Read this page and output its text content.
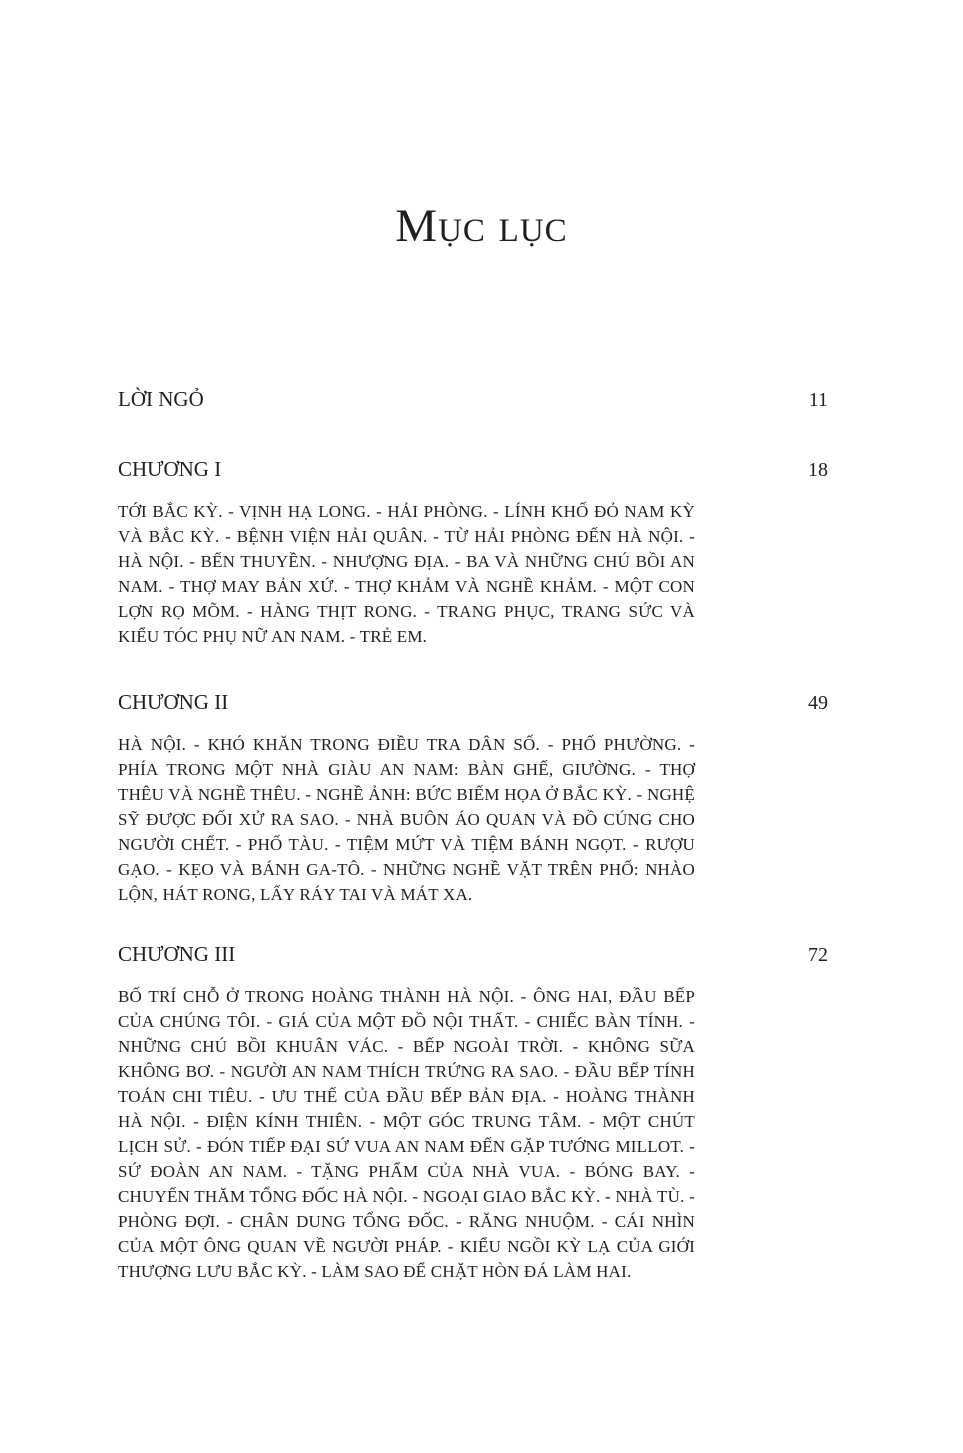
Mục lục
LỜI NGỎ	11
CHƯƠNG I	18
TỚI BẮC KỲ. - VỊNH HẠ LONG. - HẢI PHÒNG. - LÍNH KHỐ ĐỎ NAM KỲ VÀ BẮC KỲ. - BỆNH VIỆN HẢI QUÂN. - TỪ HẢI PHÒNG ĐẾN HÀ NỘI. - HÀ NỘI. - BẾN THUYỀN. - NHƯỢNG ĐỊA. - BA VÀ NHỮNG CHÚ BỒI AN NAM. - THỢ MAY BẢN XỨ. - THỢ KHẢM VÀ NGHỀ KHẢM. - MỘT CON LỢN RỌ MÕM. - HÀNG THỊT RONG. - TRANG PHỤC, TRANG SỨC VÀ KIỂU TÓC PHỤ NỮ AN NAM. - TRẺ EM.
CHƯƠNG II	49
HÀ NỘI. - KHÓ KHĂN TRONG ĐIỀU TRA DÂN SỐ. - PHỐ PHƯỜNG. - PHÍA TRONG MỘT NHÀ GIÀU AN NAM: BÀN GHẾ, GIƯỜNG. - THỢ THÊU VÀ NGHỀ THÊU. - NGHỀ ẢNH: BỨC BIẾM HỌA Ở BẮC KỲ. - NGHỆ SỸ ĐƯỢC ĐỐI XỬ RA SAO. - NHÀ BUÔN ÁO QUAN VÀ ĐỒ CÚNG CHO NGƯỜI CHẾT. - PHỐ TÀU. - TIỆM MỨT VÀ TIỆM BÁNH NGỌT. - RƯỢU GẠO. - KẸO VÀ BÁNH GA-TÔ. - NHỮNG NGHỀ VẶT TRÊN PHỐ: NHÀO LỘN, HÁT RONG, LẤY RÁY TAI VÀ MÁT XA.
CHƯƠNG III	72
BỐ TRÍ CHỖ Ở TRONG HOÀNG THÀNH HÀ NỘI. - ÔNG HAI, ĐẦU BẾP CỦA CHÚNG TÔI. - GIÁ CỦA MỘT ĐỒ NỘI THẤT. - CHIẾC BÀN TÍNH. - NHỮNG CHÚ BỒI KHUÂN VÁC. - BẾP NGOÀI TRỜI. - KHÔNG SỮA KHÔNG BƠ. - NGƯỜI AN NAM THÍCH TRỨNG RA SAO. - ĐẦU BẾP TÍNH TOÁN CHI TIÊU. - ƯU THẾ CỦA ĐẦU BẾP BẢN ĐỊA. - HOÀNG THÀNH HÀ NỘI. - ĐIỆN KÍNH THIÊN. - MỘT GÓC TRUNG TÂM. - MỘT CHÚT LỊCH SỬ. - ĐÓN TIẾP ĐẠI SỨ VUA AN NAM ĐẾN GẶP TƯỚNG MILLOT. - SỨ ĐOÀN AN NAM. - TẶNG PHẨM CỦA NHÀ VUA. - BÓNG BAY. - CHUYẾN THĂM TỔNG ĐỐC HÀ NỘI. - NGOẠI GIAO BẮC KỲ. - NHÀ TÙ. - PHÒNG ĐỢI. - CHÂN DUNG TỔNG ĐỐC. - RĂNG NHUỘM. - CÁI NHÌN CỦA MỘT ÔNG QUAN VỀ NGƯỜI PHÁP. - KIỂU NGỒI KỲ LẠ CỦA GIỚI THƯỢNG LƯU BẮC KỲ. - LÀM SAO ĐỂ CHẶT HÒN ĐÁ LÀM HAI.
